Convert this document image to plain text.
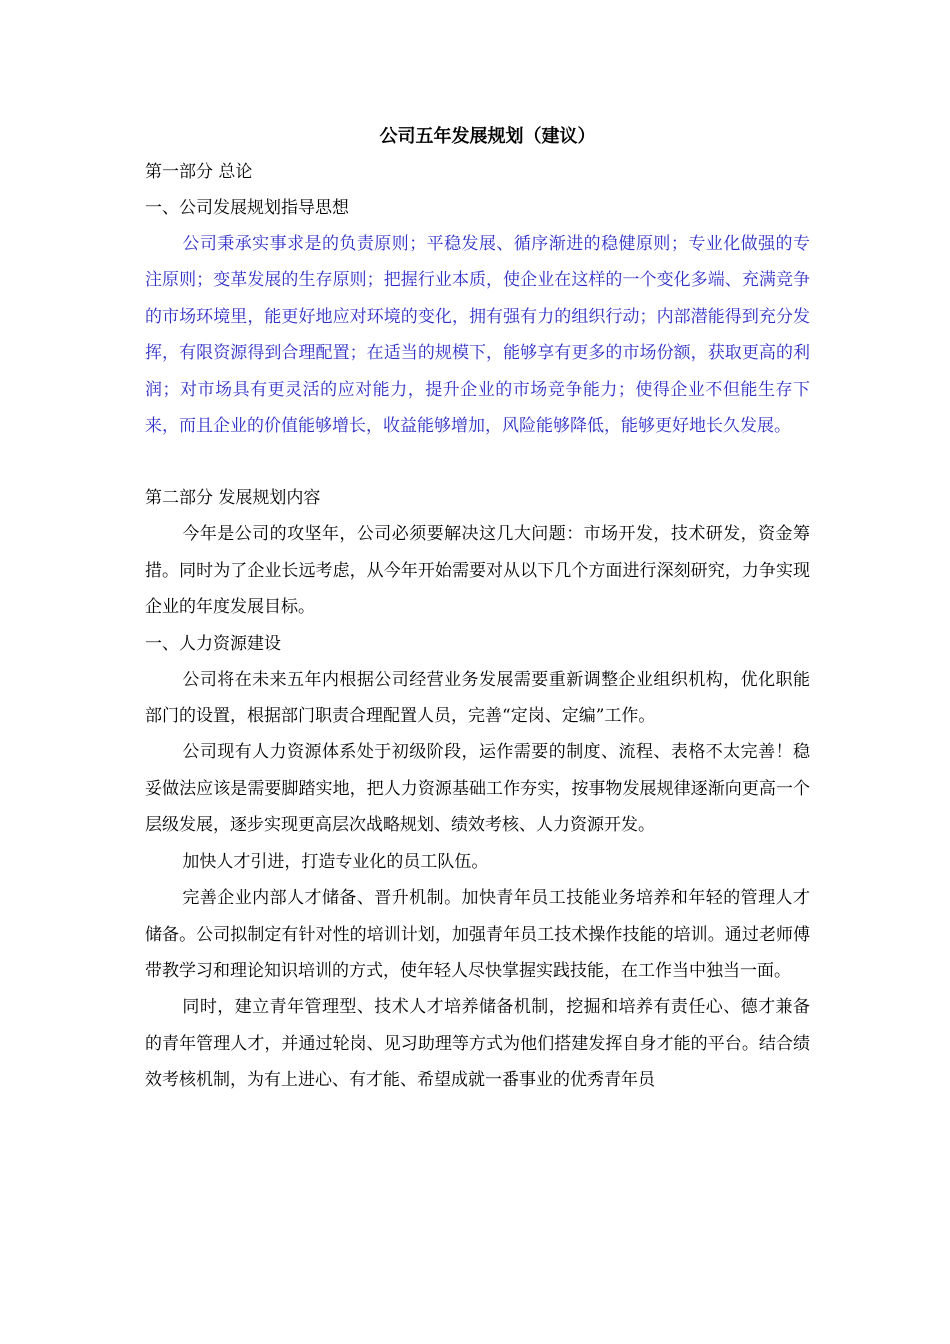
公司五年发展规划（建议）

第一部分 总论

一、公司发展规划指导思想

公司秉承实事求是的负责原则；平稳发展、循序渐进的稳健原则；专业化做强的专注原则；变革发展的生存原则；把握行业本质，使企业在这样的一个变化多端、充满竞争的市场环境里，能更好地应对环境的变化，拥有强有力的组织行动；内部潜能得到充分发挥，有限资源得到合理配置；在适当的规模下，能够享有更多的市场份额，获取更高的利润；对市场具有更灵活的应对能力，提升企业的市场竞争能力；使得企业不但能生存下来，而且企业的价值能够增长，收益能够增加，风险能够降低，能够更好地长久发展。

第二部分 发展规划内容

今年是公司的攻坚年，公司必须要解决这几大问题：市场开发，技术研发，资金筹措。同时为了企业长远考虑，从今年开始需要对从以下几个方面进行深刻研究，力争实现企业的年度发展目标。

一、人力资源建设

公司将在未来五年内根据公司经营业务发展需要重新调整企业组织机构，优化职能部门的设置，根据部门职责合理配置人员，完善“定岗、定编”工作。

公司现有人力资源体系处于初级阶段，运作需要的制度、流程、表格不太完善！稳妥做法应该是需要脚踏实地，把人力资源基础工作夯实，按事物发展规律逐渐向更高一个层级发展，逐步实现更高层次战略规划、绩效考核、人力资源开发。

加快人才引进，打造专业化的员工队伍。

完善企业内部人才储备、晋升机制。加快青年员工技能业务培养和年轻的管理人才储备。公司拟制定有针对性的培训计划，加强青年员工技术操作技能的培训。通过老师傅带教学习和理论知识培训的方式，使年轻人尽快掌握实践技能，在工作当中独当一面。

同时，建立青年管理型、技术人才培养储备机制，挖掘和培养有责任心、德才兼备的青年管理人才，并通过轮岗、见习助理等方式为他们搭建发挥自身才能的平台。结合绩效考核机制，为有上进心、有才能、希望成就一番事业的优秀青年员
